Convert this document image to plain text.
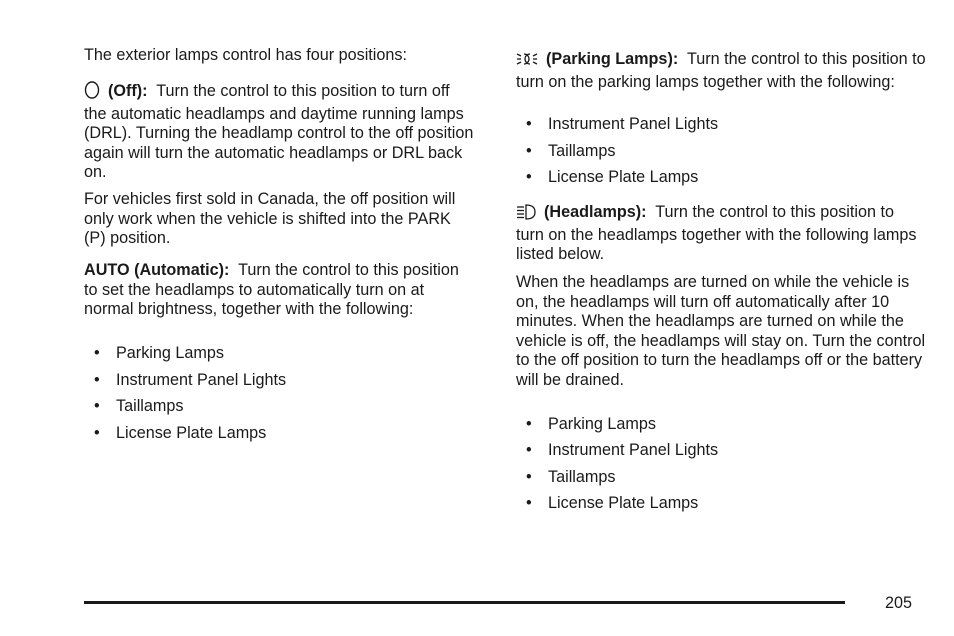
The exterior lamps control has four positions:

(Off): Turn the control to this position to turn off the automatic headlamps and daytime running lamps (DRL). Turning the headlamp control to the off position again will turn the automatic headlamps or DRL back on.

For vehicles first sold in Canada, the off position will only work when the vehicle is shifted into the PARK (P) position.

AUTO (Automatic): Turn the control to this position to set the headlamps to automatically turn on at normal brightness, together with the following:

• Parking Lamps
• Instrument Panel Lights
• Taillamps
• License Plate Lamps

(Parking Lamps): Turn the control to this position to turn on the parking lamps together with the following:

• Instrument Panel Lights
• Taillamps
• License Plate Lamps

(Headlamps): Turn the control to this position to turn on the headlamps together with the following lamps listed below.

When the headlamps are turned on while the vehicle is on, the headlamps will turn off automatically after 10 minutes. When the headlamps are turned on while the vehicle is off, the headlamps will stay on. Turn the control to the off position to turn the headlamps off or the battery will be drained.

• Parking Lamps
• Instrument Panel Lights
• Taillamps
• License Plate Lamps
205
